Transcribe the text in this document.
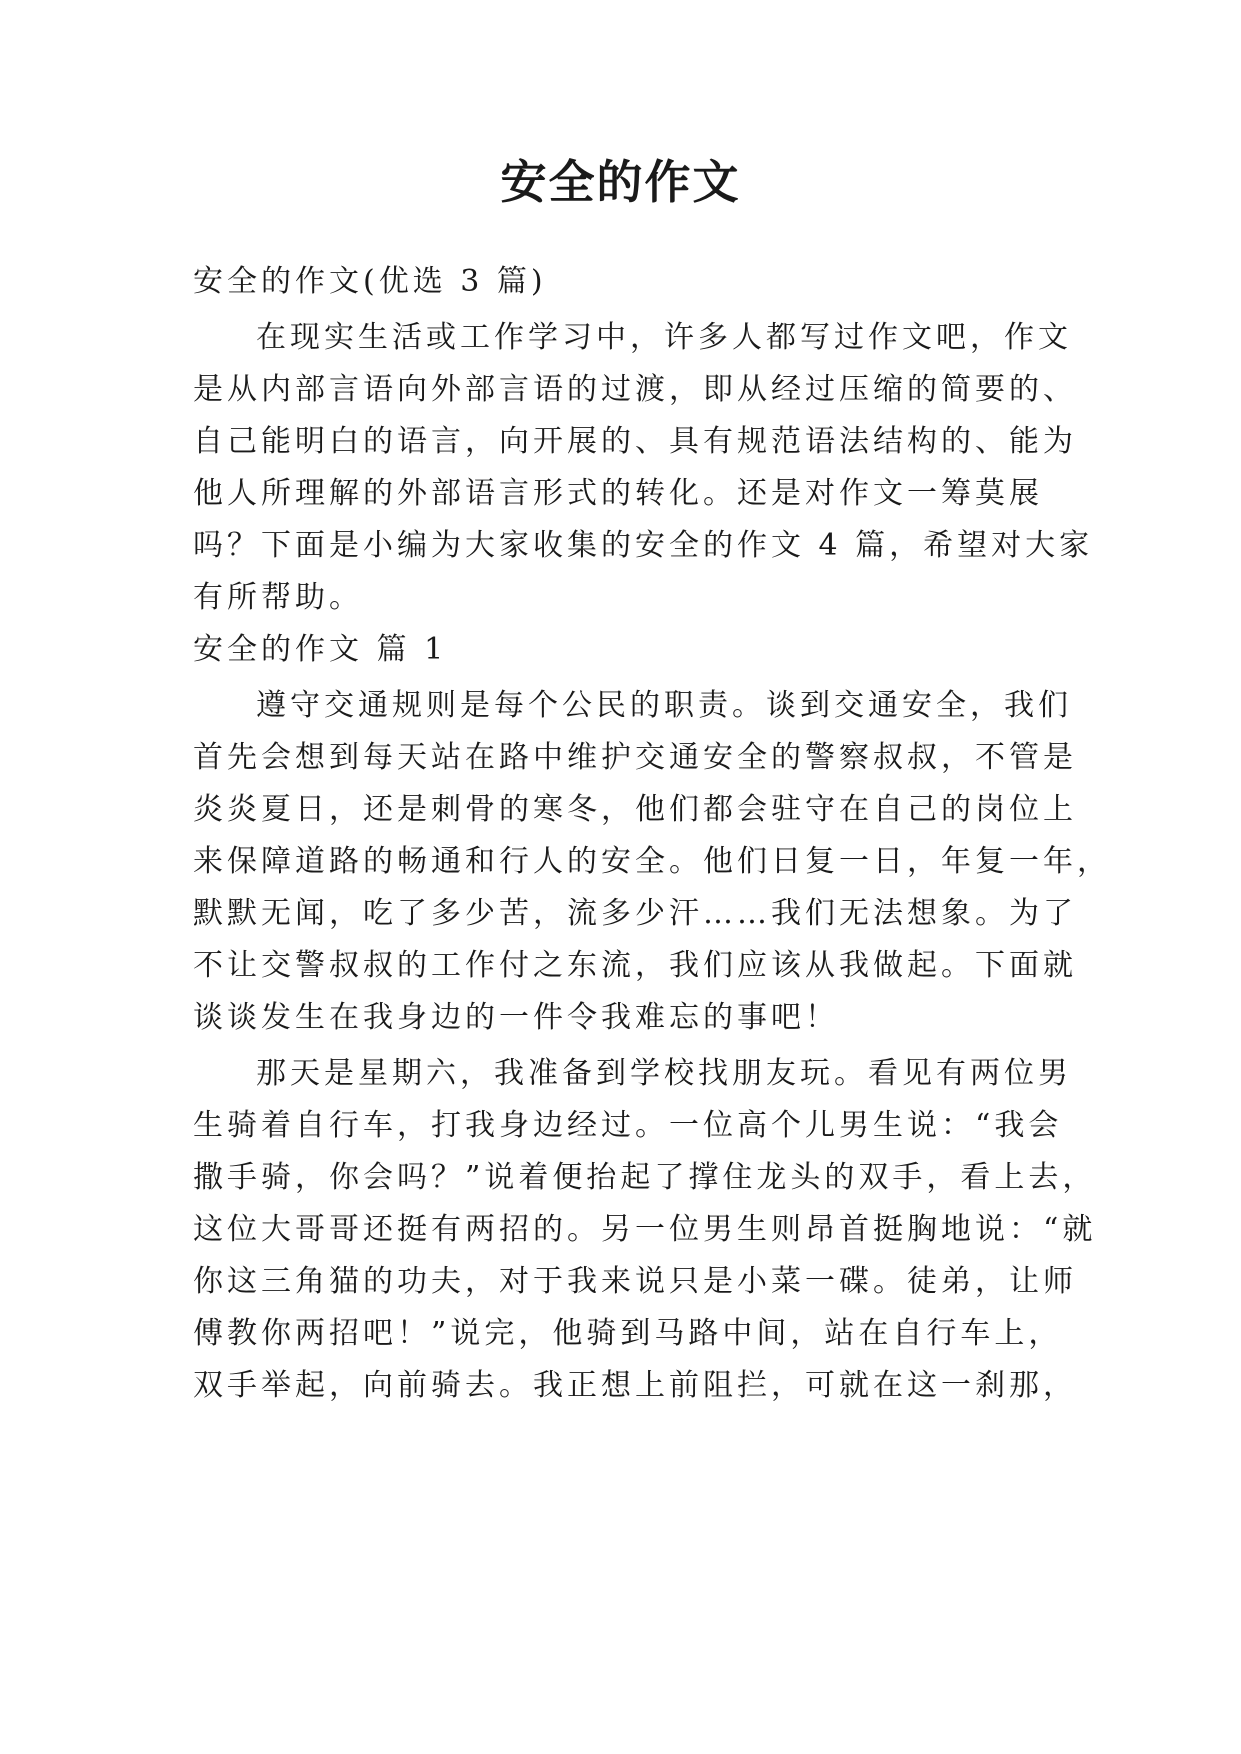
安全的作文
安全的作文(优选 3 篇)
在现实生活或工作学习中，许多人都写过作文吧，作文
是从内部言语向外部言语的过渡，即从经过压缩的简要的、
自己能明白的语言，向开展的、具有规范语法结构的、能为
他人所理解的外部语言形式的转化。还是对作文一筹莫展
吗？下面是小编为大家收集的安全的作文 4 篇，希望对大家
有所帮助。
安全的作文 篇 1
遵守交通规则是每个公民的职责。谈到交通安全，我们
首先会想到每天站在路中维护交通安全的警察叔叔，不管是
炎炎夏日，还是刺骨的寒冬，他们都会驻守在自己的岗位上
来保障道路的畅通和行人的安全。他们日复一日，年复一年，
默默无闻，吃了多少苦，流多少汗……我们无法想象。为了
不让交警叔叔的工作付之东流，我们应该从我做起。下面就
谈谈发生在我身边的一件令我难忘的事吧！
那天是星期六，我准备到学校找朋友玩。看见有两位男
生骑着自行车，打我身边经过。一位高个儿男生说：“我会
撒手骑，你会吗？”说着便抬起了撑住龙头的双手，看上去，
这位大哥哥还挺有两招的。另一位男生则昂首挺胸地说：“就
你这三角猫的功夫，对于我来说只是小菜一碟。徒弟，让师
傅教你两招吧！”说完，他骑到马路中间，站在自行车上，
双手举起，向前骑去。我正想上前阻拦，可就在这一刹那，
